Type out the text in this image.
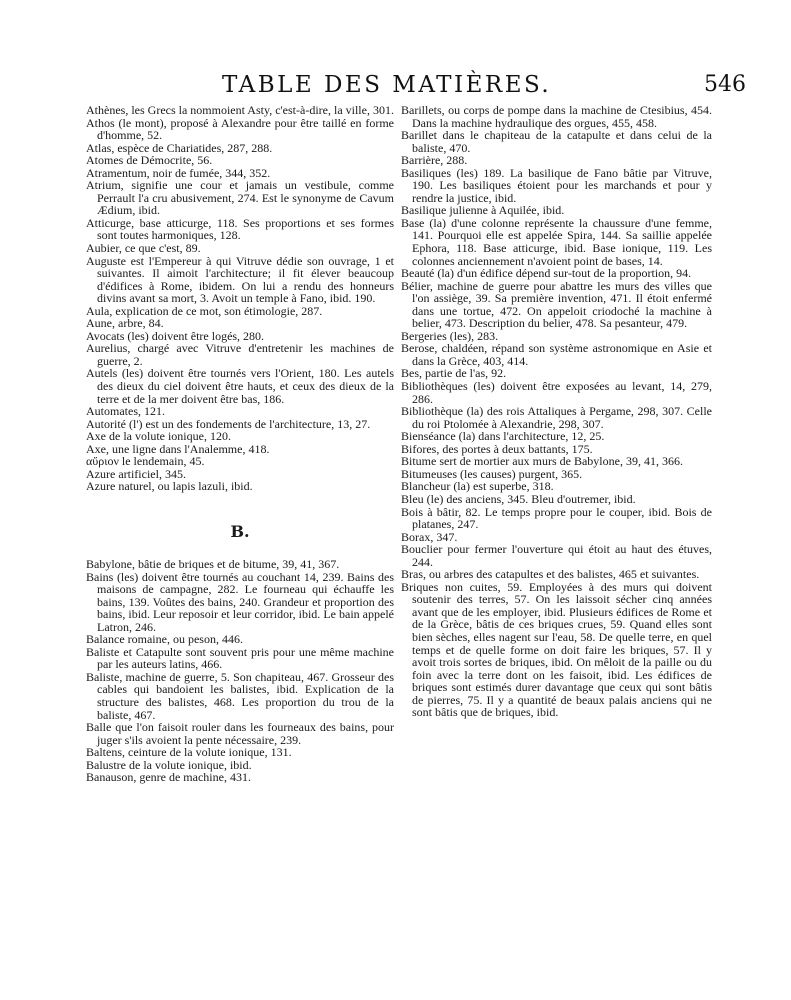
TABLE DES MATIÈRES.	546

Athènes, les Grecs la nommoient Asty, c'est-à-dire, la ville, 301.

Athos (le mont), proposé à Alexandre pour être taillé en forme d'homme, 52.

Atlas, espèce de Chariatides, 287, 288.

Atomes de Démocrite, 56.

Atramentum, noir de fumée, 344, 352.

Atrium, signifie une cour et jamais un vestibule, comme Perrault l'a cru abusivement, 274. Est le synonyme de Cavum Ædium, ibid.

Atticurge, base atticurge, 118. Ses proportions et ses formes sont toutes harmoniques, 128.

Aubier, ce que c'est, 89.

Auguste est l'Empereur à qui Vitruve dédie son ouvrage, 1 et suivantes. Il aimoit l'architecture; il fit élever beaucoup d'édifices à Rome, ibidem. On lui a rendu des honneurs divins avant sa mort, 3. Avoit un temple à Fano, ibid. 190.

Aula, explication de ce mot, son étimologie, 287.

Aune, arbre, 84.

Avocats (les) doivent être logés, 280.

Aurelius, chargé avec Vitruve d'entretenir les machines de guerre, 2.

Autels (les) doivent être tournés vers l'Orient, 180. Les autels des dieux du ciel doivent être hauts, et ceux des dieux de la terre et de la mer doivent être bas, 186.

Automates, 121.

Autorité (l') est un des fondements de l'architecture, 13, 27.

Axe de la volute ionique, 120.

Axe, une ligne dans l'Analemme, 418.

αὔριον le lendemain, 45.

Azure artificiel, 345.

Azure naturel, ou lapis lazuli, ibid.

B.

Babylone, bâtie de briques et de bitume, 39, 41, 367.

Bains (les) doivent être tournés au couchant 14, 239. Bains des maisons de campagne, 282. Le fourneau qui échauffe les bains, 139. Voûtes des bains, 240. Grandeur et proportion des bains, ibid. Leur reposoir et leur corridor, ibid. Le bain appelé Latron, 246.

Balance romaine, ou peson, 446.

Baliste et Catapulte sont souvent pris pour une même machine par les auteurs latins, 466.

Baliste, machine de guerre, 5. Son chapiteau, 467. Grosseur des cables qui bandoient les balistes, ibid. Explication de la structure des balistes, 468. Les proportion du trou de la baliste, 467.

Balle que l'on faisoit rouler dans les fourneaux des bains, pour juger s'ils avoient la pente nécessaire, 239.

Baltens, ceinture de la volute ionique, 131.

Balustre de la volute ionique, ibid.

Banauson, genre de machine, 431.

Barillets, ou corps de pompe dans la machine de Ctesibius, 454. Dans la machine hydraulique des orgues, 455, 458.

Barillet dans le chapiteau de la catapulte et dans celui de la baliste, 470.

Barrière, 288.

Basiliques (les) 189. La basilique de Fano bâtie par Vitruve, 190. Les basiliques étoient pour les marchands et pour y rendre la justice, ibid.

Basilique julienne à Aquilée, ibid.

Base (la) d'une colonne représente la chaussure d'une femme, 141. Pourquoi elle est appelée Spira, 144. Sa saillie appelée Ephora, 118. Base atticurge, ibid. Base ionique, 119. Les colonnes anciennement n'avoient point de bases, 14.

Beauté (la) d'un édifice dépend sur-tout de la proportion, 94.

Bélier, machine de guerre pour abattre les murs des villes que l'on assiège, 39. Sa première invention, 471. Il étoit enfermé dans une tortue, 472. On appeloit criodoché la machine à belier, 473. Description du belier, 478. Sa pesanteur, 479.

Bergeries (les), 283.

Berose, chaldéen, répand son système astronomique en Asie et dans la Grèce, 403, 414.

Bes, partie de l'as, 92.

Bibliothèques (les) doivent être exposées au levant, 14, 279, 286.

Bibliothèque (la) des rois Attaliques à Pergame, 298, 307. Celle du roi Ptolomée à Alexandrie, 298, 307.

Bienséance (la) dans l'architecture, 12, 25.

Bifores, des portes à deux battants, 175.

Bitume sert de mortier aux murs de Babylone, 39, 41, 366.

Bitumeuses (les causes) purgent, 365.

Blancheur (la) est superbe, 318.

Bleu (le) des anciens, 345. Bleu d'outremer, ibid.

Bois à bâtir, 82. Le temps propre pour le couper, ibid. Bois de platanes, 247.

Borax, 347.

Bouclier pour fermer l'ouverture qui étoit au haut des étuves, 244.

Bras, ou arbres des catapultes et des balistes, 465 et suivantes.

Briques non cuites, 59. Employées à des murs qui doivent soutenir des terres, 57. On les laissoit sécher cinq années avant que de les employer, ibid. Plusieurs édifices de Rome et de la Grèce, bâtis de ces briques crues, 59. Quand elles sont bien sèches, elles nagent sur l'eau, 58. De quelle terre, en quel temps et de quelle forme on doit faire les briques, 57. Il y avoit trois sortes de briques, ibid. On mêloit de la paille ou du foin avec la terre dont on les faisoit, ibid. Les édifices de briques sont estimés durer davantage que ceux qui sont bâtis de pierres, 75. Il y a quantité de beaux palais anciens qui ne sont bâtis que de briques, ibid.
